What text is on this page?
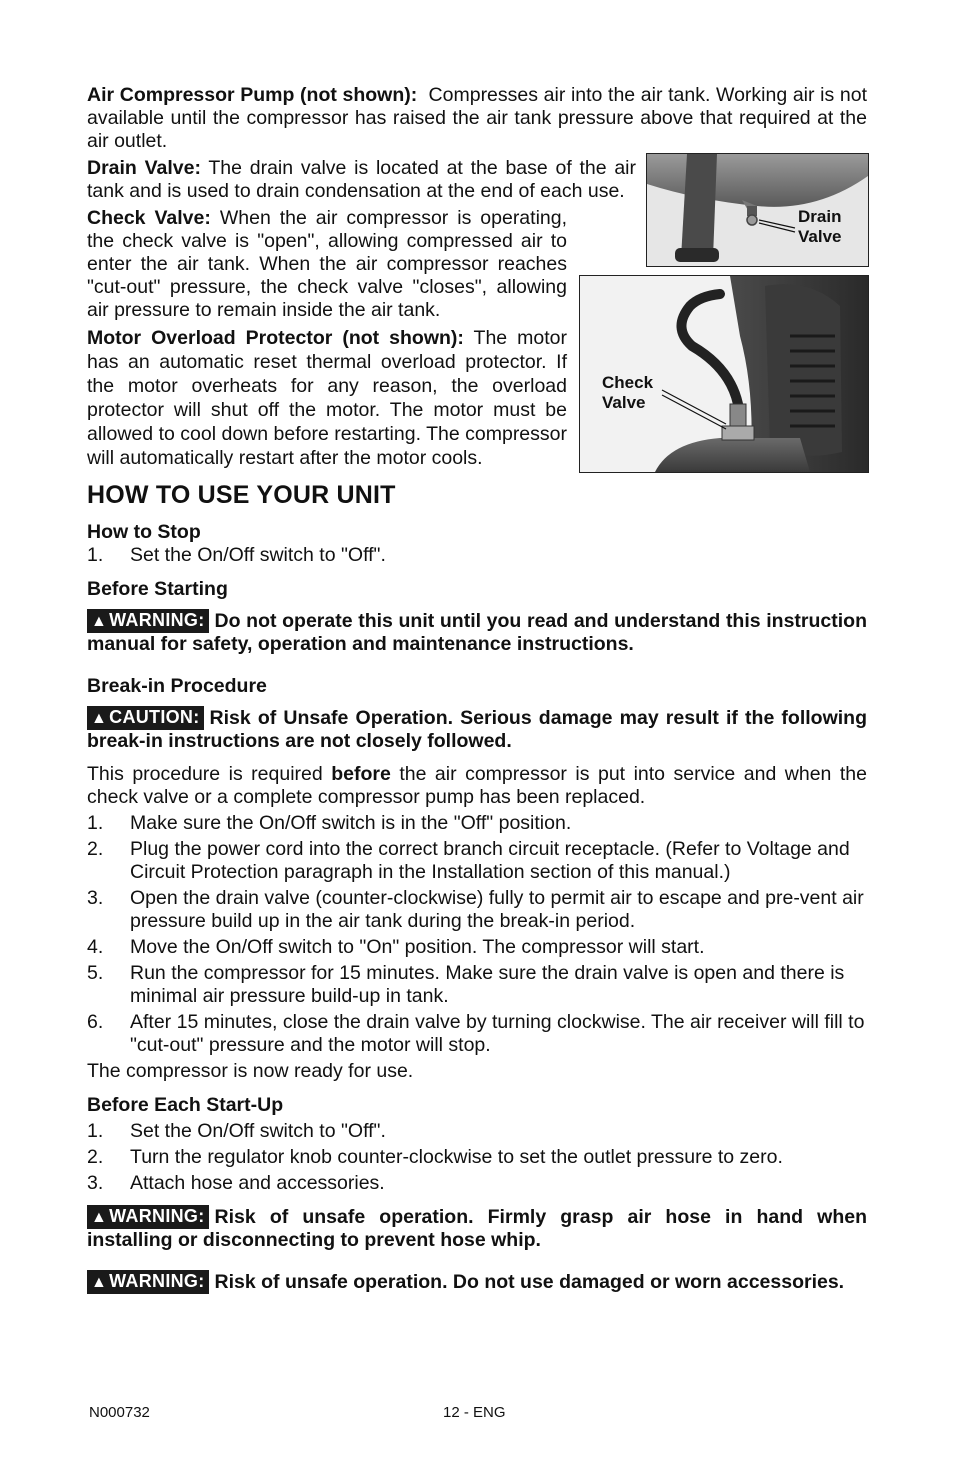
Air Compressor Pump (not shown): Compresses air into the air tank. Working air is not available until the compressor has raised the air tank pressure above that required at the air outlet.

Drain Valve: The drain valve is located at the base of the air tank and is used to drain condensation at the end of each use.

Check Valve: When the air compressor is operating, the check valve is "open", allowing compressed air to enter the air tank. When the air compressor reaches "cut-out" pressure, the check valve "closes", allowing air pressure to remain inside the air tank.

Motor Overload Protector (not shown): The motor has an automatic reset thermal overload protector. If the motor overheats for any reason, the overload protector will shut off the motor. The motor must be allowed to cool down before restarting. The compressor will automatically restart after the motor cools.

Drain
Valve
Check
Valve
HOW TO USE YOUR UNIT
How to Stop
1. Set the On/Off switch to "Off".
Before Starting

▲ WARNING: Do not operate this unit until you read and understand this instruction manual for safety, operation and maintenance instructions.

Break-in Procedure

▲ CAUTION: Risk of Unsafe Operation. Serious damage may result if the following break-in instructions are not closely followed.

This procedure is required before the air compressor is put into service and when the check valve or a complete compressor pump has been replaced.

1. Make sure the On/Off switch is in the "Off" position.
2. Plug the power cord into the correct branch circuit receptacle. (Refer to Voltage and Circuit Protection paragraph in the Installation section of this manual.)
3. Open the drain valve (counter-clockwise) fully to permit air to escape and pre-vent air pressure build up in the air tank during the break-in period.
4. Move the On/Off switch to "On" position. The compressor will start.
5. Run the compressor for 15 minutes. Make sure the drain valve is open and there is minimal air pressure build-up in tank.
6. After 15 minutes, close the drain valve by turning clockwise. The air receiver will fill to "cut-out" pressure and the motor will stop.

The compressor is now ready for use.

Before Each Start-Up
1. Set the On/Off switch to "Off".
2. Turn the regulator knob counter-clockwise to set the outlet pressure to zero.
3. Attach hose and accessories.

▲ WARNING: Risk of unsafe operation. Firmly grasp air hose in hand when installing or disconnecting to prevent hose whip.

▲ WARNING: Risk of unsafe operation. Do not use damaged or worn accessories.

N000732	12 - ENG
